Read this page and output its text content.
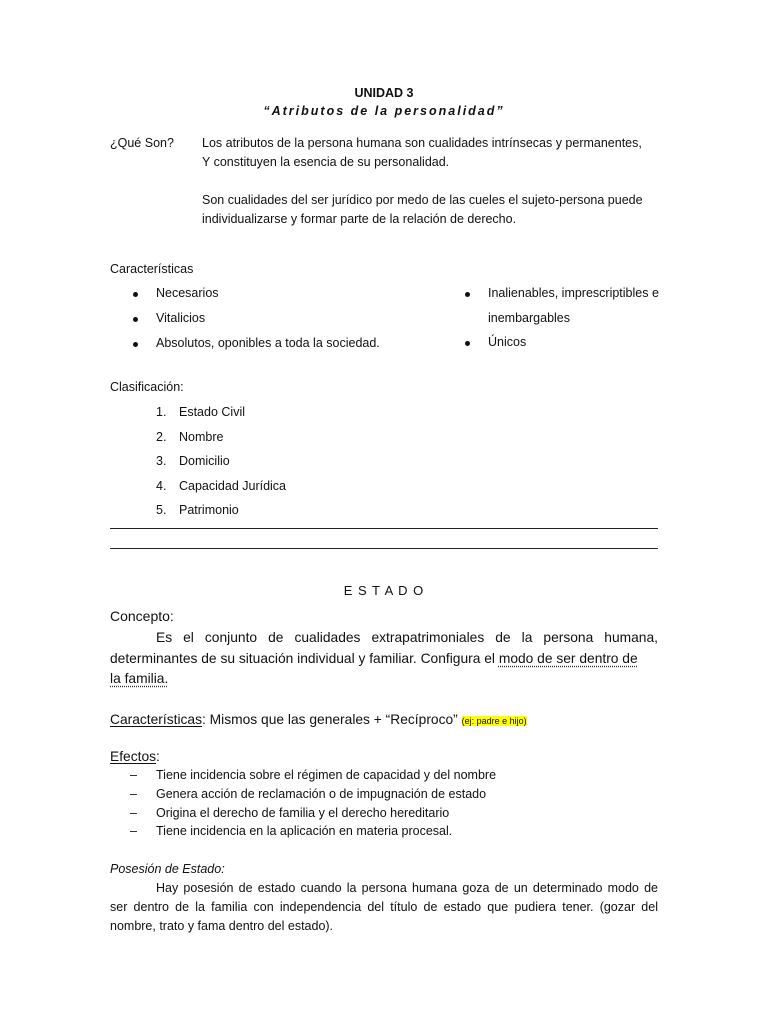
UNIDAD 3
“Atributos de la personalidad”
¿Qué Son? Los atributos de la persona humana son cualidades intrínsecas y permanentes,
Y constituyen la esencia de su personalidad.
Son cualidades del ser jurídico por medo de las cueles el sujeto-persona puede
individualizarse y formar parte de la relación de derecho.
Características
Necesarios
Vitalicios
Absolutos, oponibles a toda la sociedad.
Inalienables, imprescriptibles e
inembargables
Únicos
Clasificación:
1. Estado Civil
2. Nombre
3. Domicilio
4. Capacidad Jurídica
5. Patrimonio
E S T A D O
Concepto:
Es el conjunto de cualidades extrapatrimoniales de la persona humana,
determinantes de su situación individual y familiar. Configura el modo de ser dentro de
la familia.
Características: Mismos que las generales + “Recíproco” (ej: padre e hijo)
Efectos:
– Tiene incidencia sobre el régimen de capacidad y del nombre
– Genera acción de reclamación o de impugnación de estado
– Origina el derecho de familia y el derecho hereditario
– Tiene incidencia en la aplicación en materia procesal.
Posesión de Estado:
Hay posesión de estado cuando la persona humana goza de un determinado modo de
ser dentro de la familia con independencia del título de estado que pudiera tener. (gozar del
nombre, trato y fama dentro del estado).
